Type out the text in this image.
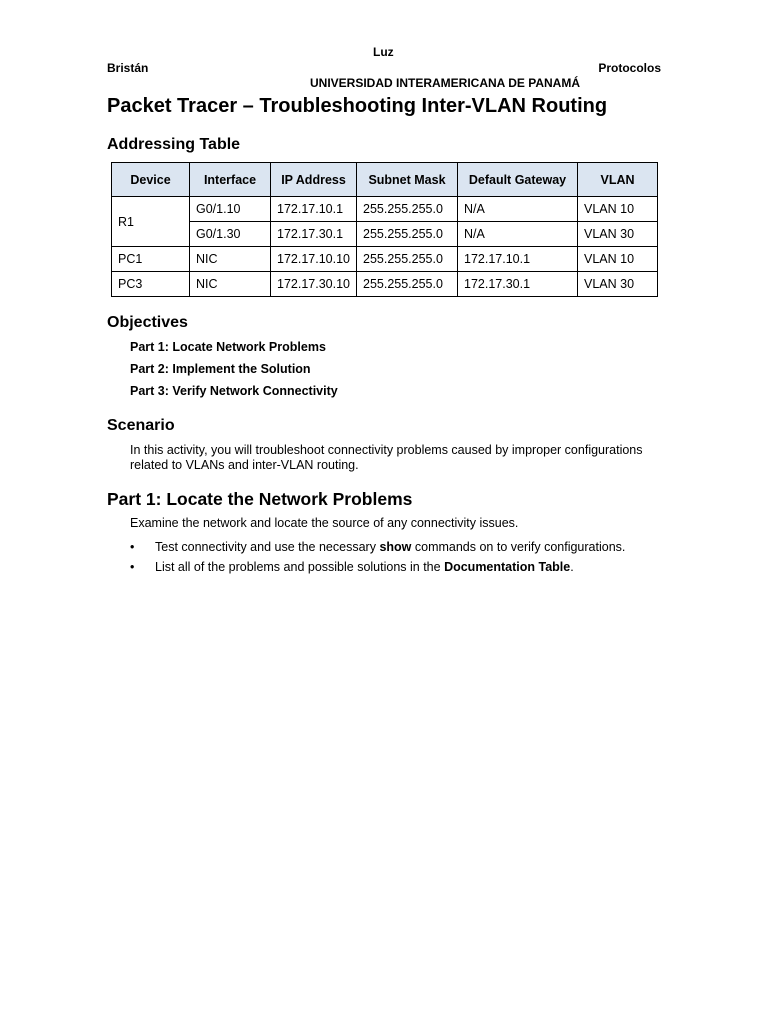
Luz
Bristán	Protocolos
UNIVERSIDAD INTERAMERICANA DE PANAMÁ
Packet Tracer – Troubleshooting Inter-VLAN Routing
Addressing Table
Device	Interface	IP Address	Subnet Mask	Default Gateway	VLAN
R1	G0/1.10	172.17.10.1	255.255.255.0	N/A	VLAN 10
	G0/1.30	172.17.30.1	255.255.255.0	N/A	VLAN 30
PC1	NIC	172.17.10.10	255.255.255.0	172.17.10.1	VLAN 10
PC3	NIC	172.17.30.10	255.255.255.0	172.17.30.1	VLAN 30
Objectives
Part 1: Locate Network Problems
Part 2: Implement the Solution
Part 3: Verify Network Connectivity
Scenario
In this activity, you will troubleshoot connectivity problems caused by improper configurations related to VLANs and inter-VLAN routing.
Part 1: Locate the Network Problems
Examine the network and locate the source of any connectivity issues.
• Test connectivity and use the necessary show commands on to verify configurations.
• List all of the problems and possible solutions in the Documentation Table.
